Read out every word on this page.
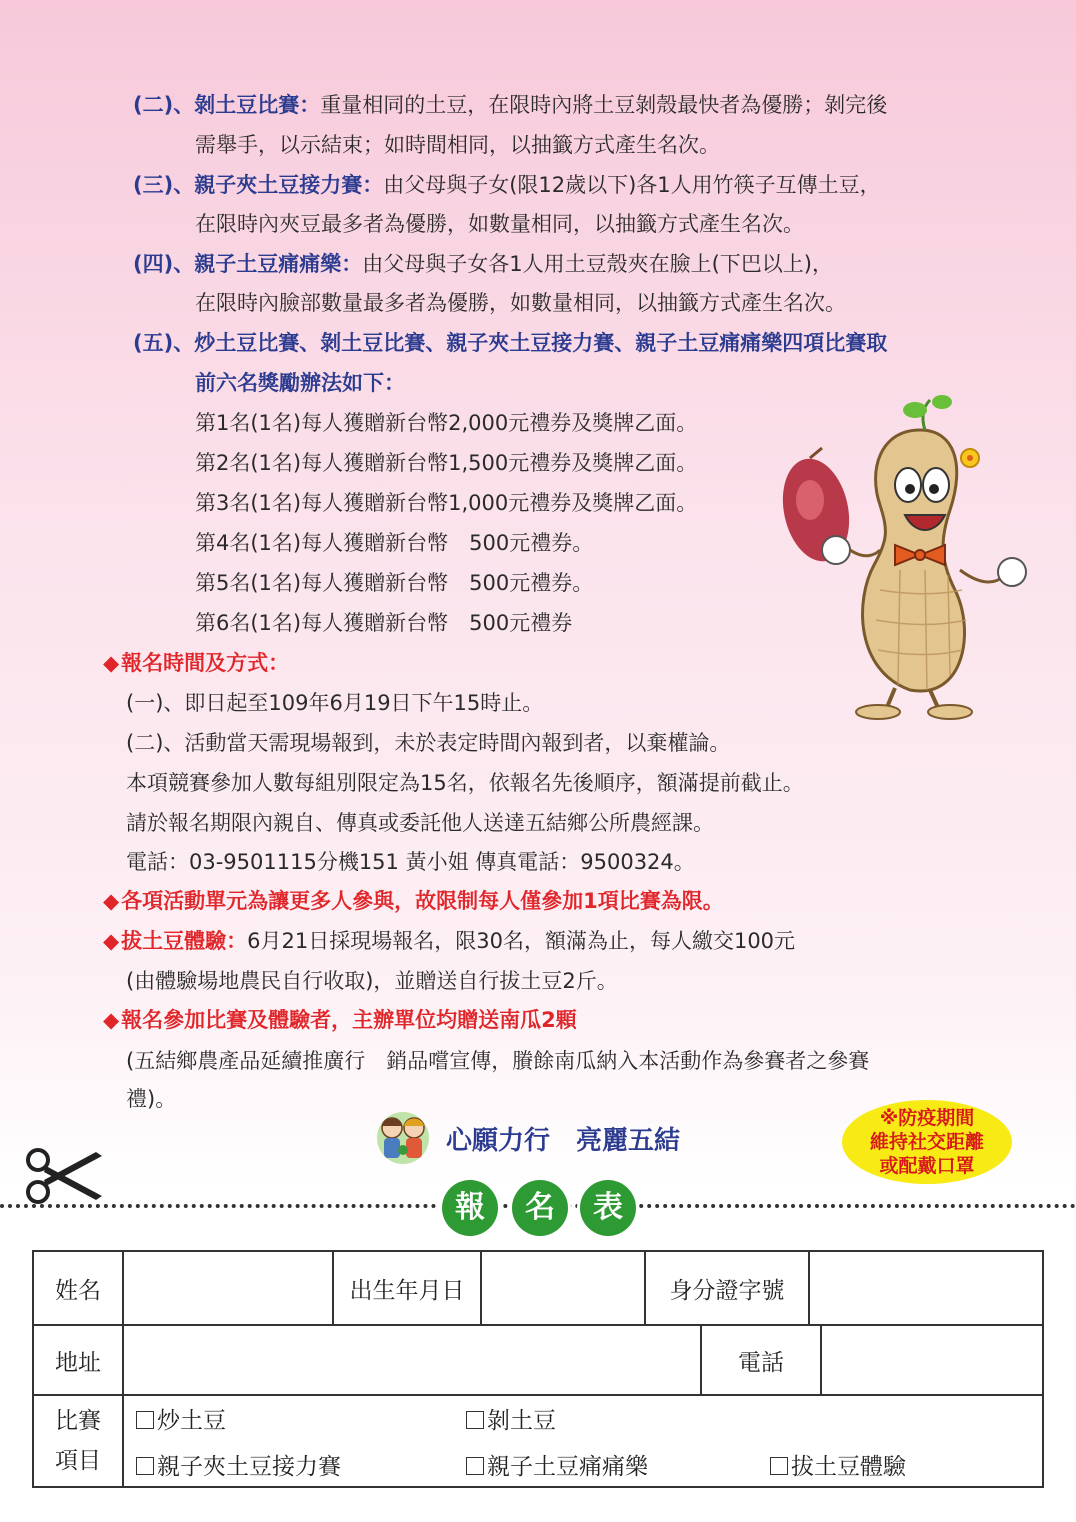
(二)、剝土豆比賽：重量相同的土豆，在限時內將土豆剝殼最快者為優勝；剝完後
需舉手，以示結束；如時間相同，以抽籤方式產生名次。
(三)、親子夾土豆接力賽：由父母與子女(限12歲以下)各1人用竹筷子互傳土豆，
在限時內夾豆最多者為優勝，如數量相同，以抽籤方式產生名次。
(四)、親子土豆痛痛樂：由父母與子女各1人用土豆殼夾在臉上(下巴以上)，
在限時內臉部數量最多者為優勝，如數量相同，以抽籤方式產生名次。
(五)、炒土豆比賽、剝土豆比賽、親子夾土豆接力賽、親子土豆痛痛樂四項比賽取
前六名獎勵辦法如下：
第1名(1名)每人獲贈新台幣2,000元禮券及獎牌乙面。
第2名(1名)每人獲贈新台幣1,500元禮券及獎牌乙面。
第3名(1名)每人獲贈新台幣1,000元禮券及獎牌乙面。
第4名(1名)每人獲贈新台幣　500元禮券。
第5名(1名)每人獲贈新台幣　500元禮券。
第6名(1名)每人獲贈新台幣　500元禮券
◆報名時間及方式：
(一)、即日起至109年6月19日下午15時止。
(二)、活動當天需現場報到，未於表定時間內報到者，以棄權論。
本項競賽參加人數每組別限定為15名，依報名先後順序，額滿提前截止。
請於報名期限內親自、傳真或委託他人送達五結鄉公所農經課。
電話：03-9501115分機151 黃小姐 傳真電話：9500324。
◆各項活動單元為讓更多人參與，故限制每人僅參加1項比賽為限。
◆拔土豆體驗：6月21日採現場報名，限30名，額滿為止，每人繳交100元
(由體驗場地農民自行收取)，並贈送自行拔土豆2斤。
◆報名參加比賽及體驗者，主辦單位均贈送南瓜2顆
(五結鄉農產品延續推廣行　銷品嚐宣傳，賸餘南瓜納入本活動作為參賽者之參賽
禮)。
心願力行　亮麗五結
※防疫期間
維持社交距離
或配戴口罩
報	名	表
姓名		出生年月日		身分證字號	
地址		電話	
比賽
項目

炒土豆	剝土豆
親子夾土豆接力賽	親子土豆痛痛樂	拔土豆體驗
